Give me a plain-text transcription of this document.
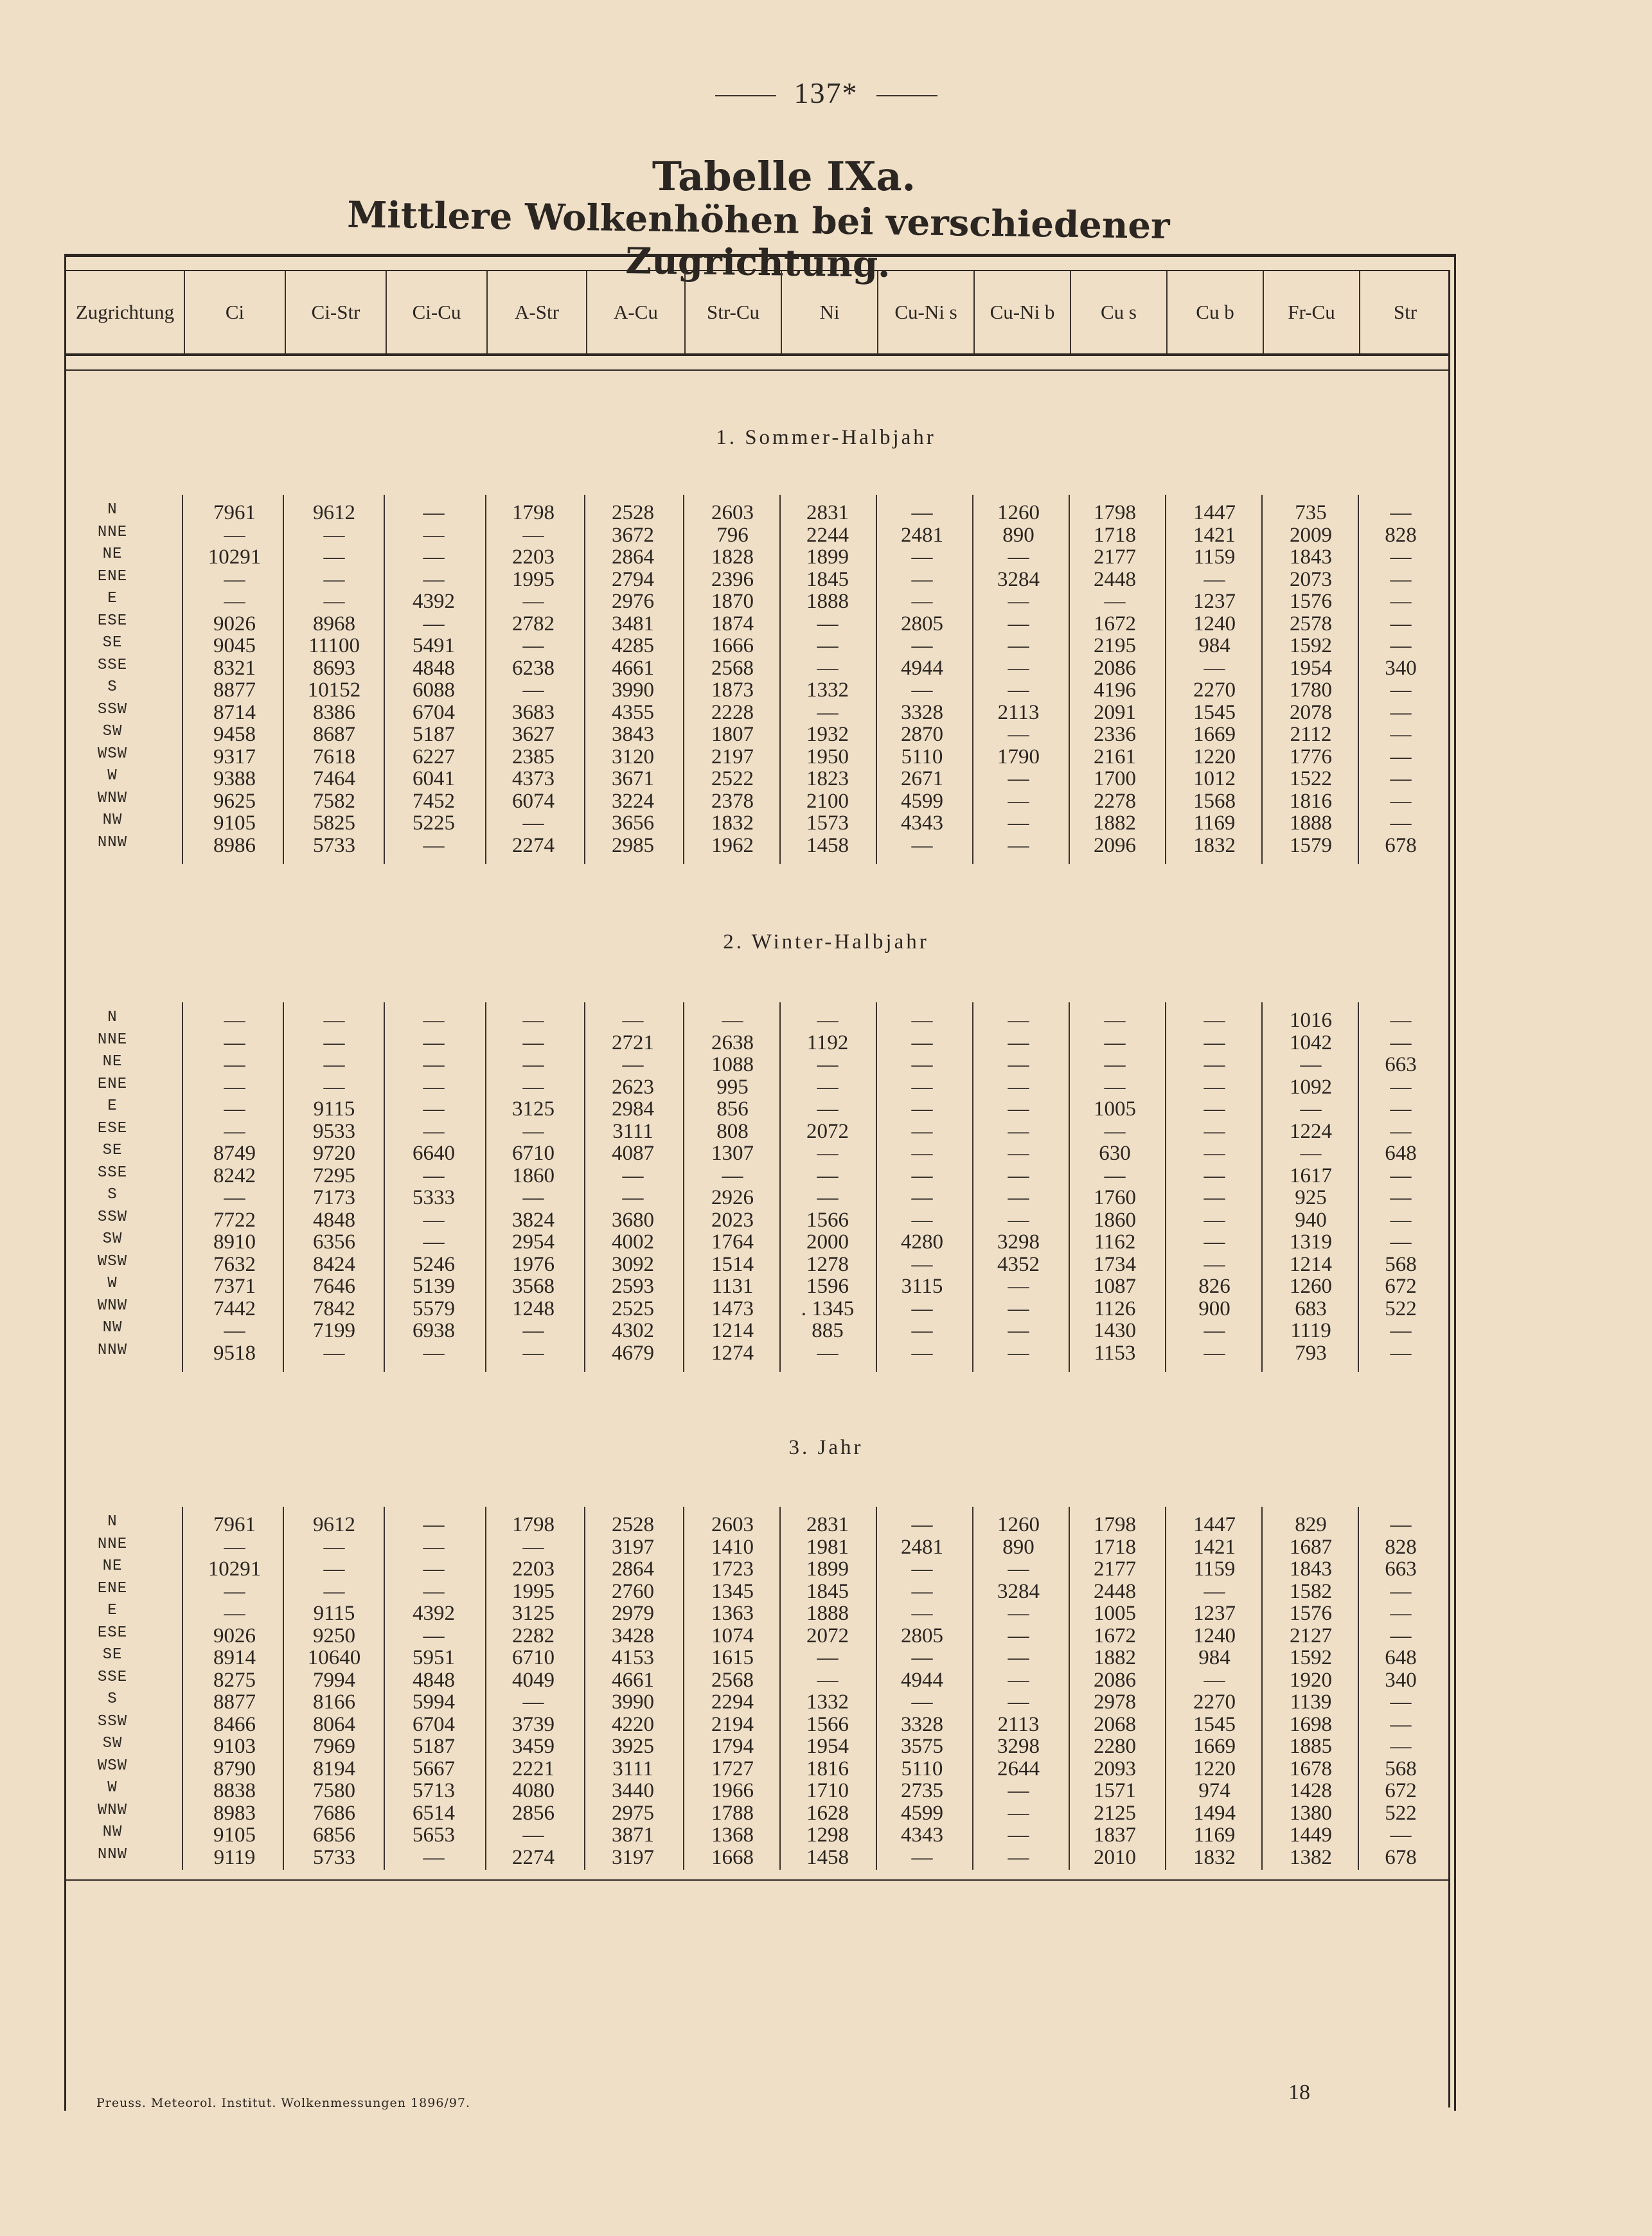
137*
Tabelle IXa.
Mittlere Wolkenhöhen bei verschiedener Zugrichtung.
Zugrichtung	Ci	Ci-Str	Ci-Cu	A-Str	A-Cu	Str-Cu	Ni	Cu-Ni s	Cu-Ni b	Cu s	Cu b	Fr-Cu	Str
1. Sommer-Halbjahr
2. Winter-Halbjahr
3. Jahr
N	7961	9612	—	1798	2528	2603	2831	—	1260	1798	1447	735	—
NNE	—	—	—	—	3672	796	2244	2481	890	1718	1421	2009	828
NE	10291	—	—	2203	2864	1828	1899	—	—	2177	1159	1843	—
ENE	—	—	—	1995	2794	2396	1845	—	3284	2448	—	2073	—
E	—	—	4392	—	2976	1870	1888	—	—	—	1237	1576	—
ESE	9026	8968	—	2782	3481	1874	—	2805	—	1672	1240	2578	—
SE	9045	11100	5491	—	4285	1666	—	—	—	2195	984	1592	—
SSE	8321	8693	4848	6238	4661	2568	—	4944	—	2086	—	1954	340
S	8877	10152	6088	—	3990	1873	1332	—	—	4196	2270	1780	—
SSW	8714	8386	6704	3683	4355	2228	—	3328	2113	2091	1545	2078	—
SW	9458	8687	5187	3627	3843	1807	1932	2870	—	2336	1669	2112	—
WSW	9317	7618	6227	2385	3120	2197	1950	5110	1790	2161	1220	1776	—
W	9388	7464	6041	4373	3671	2522	1823	2671	—	1700	1012	1522	—
WNW	9625	7582	7452	6074	3224	2378	2100	4599	—	2278	1568	1816	—
NW	9105	5825	5225	—	3656	1832	1573	4343	—	1882	1169	1888	—
NNW	8986	5733	—	2274	2985	1962	1458	—	—	2096	1832	1579	678
N	—	—	—	—	—	—	—	—	—	—	—	1016	—
NNE	—	—	—	—	2721	2638	1192	—	—	—	—	1042	—
NE	—	—	—	—	—	1088	—	—	—	—	—	—	663
ENE	—	—	—	—	2623	995	—	—	—	—	—	1092	—
E	—	9115	—	3125	2984	856	—	—	—	1005	—	—	—
ESE	—	9533	—	—	3111	808	2072	—	—	—	—	1224	—
SE	8749	9720	6640	6710	4087	1307	—	—	—	630	—	—	648
SSE	8242	7295	—	1860	—	—	—	—	—	—	—	1617	—
S	—	7173	5333	—	—	2926	—	—	—	1760	—	925	—
SSW	7722	4848	—	3824	3680	2023	1566	—	—	1860	—	940	—
SW	8910	6356	—	2954	4002	1764	2000	4280	3298	1162	—	1319	—
WSW	7632	8424	5246	1976	3092	1514	1278	—	4352	1734	—	1214	568
W	7371	7646	5139	3568	2593	1131	1596	3115	—	1087	826	1260	672
WNW	7442	7842	5579	1248	2525	1473	. 1345	—	—	1126	900	683	522
NW	—	7199	6938	—	4302	1214	885	—	—	1430	—	1119	—
NNW	9518	—	—	—	4679	1274	—	—	—	1153	—	793	—
N	7961	9612	—	1798	2528	2603	2831	—	1260	1798	1447	829	—
NNE	—	—	—	—	3197	1410	1981	2481	890	1718	1421	1687	828
NE	10291	—	—	2203	2864	1723	1899	—	—	2177	1159	1843	663
ENE	—	—	—	1995	2760	1345	1845	—	3284	2448	—	1582	—
E	—	9115	4392	3125	2979	1363	1888	—	—	1005	1237	1576	—
ESE	9026	9250	—	2282	3428	1074	2072	2805	—	1672	1240	2127	—
SE	8914	10640	5951	6710	4153	1615	—	—	—	1882	984	1592	648
SSE	8275	7994	4848	4049	4661	2568	—	4944	—	2086	—	1920	340
S	8877	8166	5994	—	3990	2294	1332	—	—	2978	2270	1139	—
SSW	8466	8064	6704	3739	4220	2194	1566	3328	2113	2068	1545	1698	—
SW	9103	7969	5187	3459	3925	1794	1954	3575	3298	2280	1669	1885	—
WSW	8790	8194	5667	2221	3111	1727	1816	5110	2644	2093	1220	1678	568
W	8838	7580	5713	4080	3440	1966	1710	2735	—	1571	974	1428	672
WNW	8983	7686	6514	2856	2975	1788	1628	4599	—	2125	1494	1380	522
NW	9105	6856	5653	—	3871	1368	1298	4343	—	1837	1169	1449	—
NNW	9119	5733	—	2274	3197	1668	1458	—	—	2010	1832	1382	678
Preuss. Meteorol. Institut. Wolkenmessungen 1896/97.	18
